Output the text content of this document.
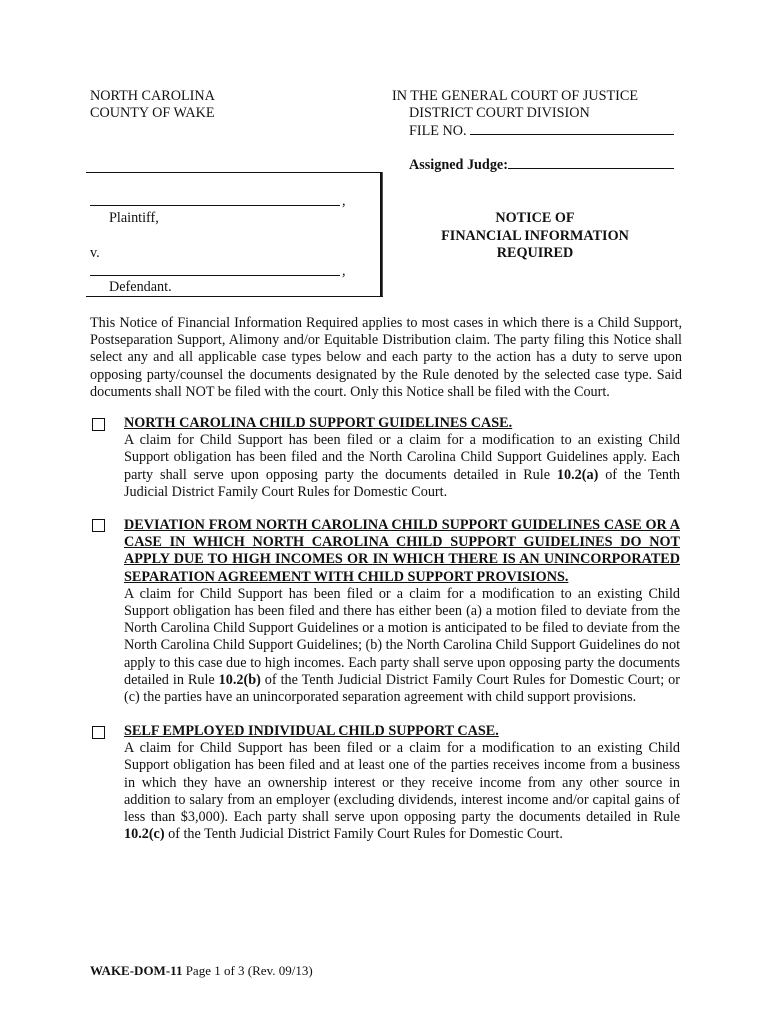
NORTH CAROLINA
COUNTY OF WAKE
IN THE GENERAL COURT OF JUSTICE
DISTRICT COURT DIVISION
FILE NO.
Assigned Judge:
,
Plaintiff,
v.
,
Defendant.
NOTICE OF
FINANCIAL INFORMATION
REQUIRED
This Notice of Financial Information Required applies to most cases in which there is a Child Support, Postseparation Support, Alimony and/or Equitable Distribution claim. The party filing this Notice shall select any and all applicable case types below and each party to the action has a duty to serve upon opposing party/counsel the documents designated by the Rule denoted by the selected case type. Said documents shall NOT be filed with the court. Only this Notice shall be filed with the Court.
NORTH CAROLINA CHILD SUPPORT GUIDELINES CASE.
A claim for Child Support has been filed or a claim for a modification to an existing Child Support obligation has been filed and the North Carolina Child Support Guidelines apply. Each party shall serve upon opposing party the documents detailed in Rule 10.2(a) of the Tenth Judicial District Family Court Rules for Domestic Court.
DEVIATION FROM NORTH CAROLINA CHILD SUPPORT GUIDELINES CASE OR A CASE IN WHICH NORTH CAROLINA CHILD SUPPORT GUIDELINES DO NOT APPLY DUE TO HIGH INCOMES OR IN WHICH THERE IS AN UNINCORPORATED SEPARATION AGREEMENT WITH CHILD SUPPORT PROVISIONS.
A claim for Child Support has been filed or a claim for a modification to an existing Child Support obligation has been filed and there has either been (a) a motion filed to deviate from the North Carolina Child Support Guidelines or a motion is anticipated to be filed to deviate from the North Carolina Child Support Guidelines; (b) the North Carolina Child Support Guidelines do not apply to this case due to high incomes. Each party shall serve upon opposing party the documents detailed in Rule 10.2(b) of the Tenth Judicial District Family Court Rules for Domestic Court; or (c) the parties have an unincorporated separation agreement with child support provisions.
SELF EMPLOYED INDIVIDUAL CHILD SUPPORT CASE.
A claim for Child Support has been filed or a claim for a modification to an existing Child Support obligation has been filed and at least one of the parties receives income from a business in which they have an ownership interest or they receive income from any other source in addition to salary from an employer (excluding dividends, interest income and/or capital gains of less than $3,000). Each party shall serve upon opposing party the documents detailed in Rule 10.2(c) of the Tenth Judicial District Family Court Rules for Domestic Court.
WAKE-DOM-11 Page 1 of 3 (Rev. 09/13)
